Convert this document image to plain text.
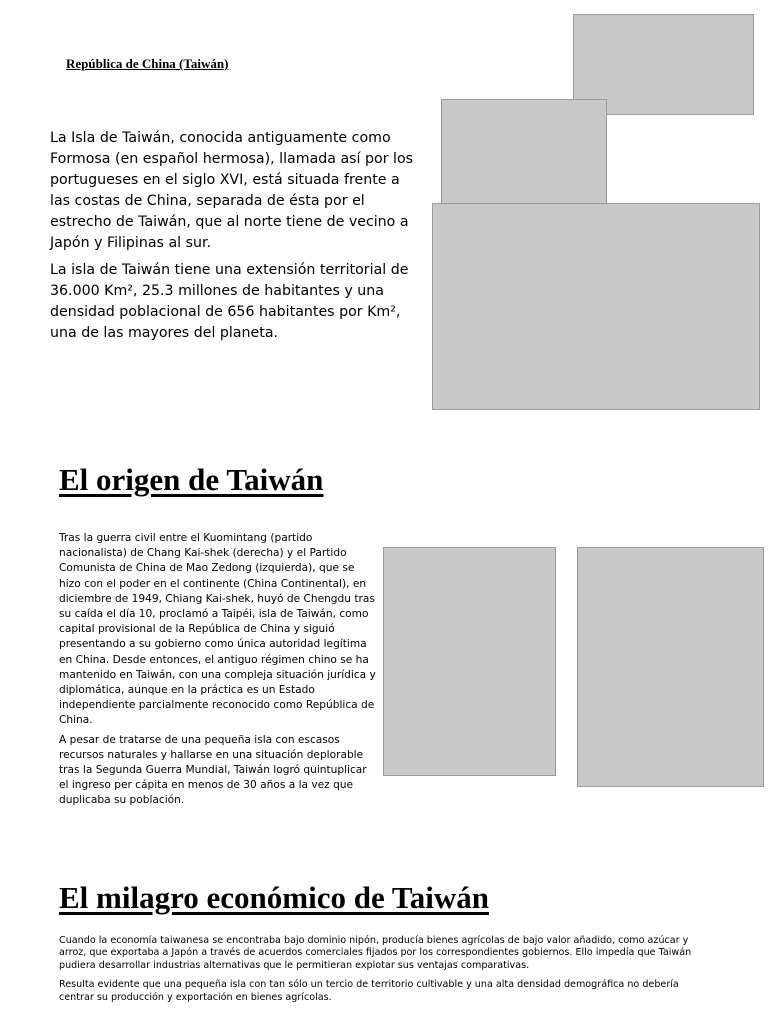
República de China (Taiwán)

La Isla de Taiwán, conocida antiguamente como Formosa (en español hermosa), llamada así por los portugueses en el siglo XVI, está situada frente a las costas de China, separada de ésta por el estrecho de Taiwán, que al norte tiene de vecino a Japón y Filipinas al sur.

La isla de Taiwán tiene una extensión territorial de 36.000 Km², 25.3 millones de habitantes y una densidad poblacional de 656 habitantes por Km², una de las mayores del planeta.

El origen de Taiwán

Tras la guerra civil entre el Kuomintang (partido nacionalista) de Chang Kai-shek (derecha) y el Partido Comunista de China de Mao Zedong (izquierda), que se hizo con el poder en el continente (China Continental), en diciembre de 1949, Chiang Kai-shek, huyó de Chengdu tras su caída el día 10, proclamó a Taipéi, isla de Taiwán, como capital provisional de la República de China y siguió presentando a su gobierno como única autoridad legítima en China. Desde entonces, el antiguo régimen chino se ha mantenido en Taiwán, con una compleja situación jurídica y diplomática, aunque en la práctica es un Estado independiente parcialmente reconocido como República de China.

A pesar de tratarse de una pequeña isla con escasos recursos naturales y hallarse en una situación deplorable tras la Segunda Guerra Mundial, Taiwán logró quintuplicar el ingreso per cápita en menos de 30 años a la vez que duplicaba su población.

El milagro económico de Taiwán

Cuando la economía taiwanesa se encontraba bajo dominio nipón, producía bienes agrícolas de bajo valor añadido, como azúcar y arroz, que exportaba a Japón a través de acuerdos comerciales fijados por los correspondientes gobiernos. Ello impedía que Taiwán pudiera desarrollar industrias alternativas que le permitieran explotar sus ventajas comparativas.

Resulta evidente que una pequeña isla con tan sólo un tercio de territorio cultivable y una alta densidad demográfica no debería centrar su producción y exportación en bienes agrícolas.
